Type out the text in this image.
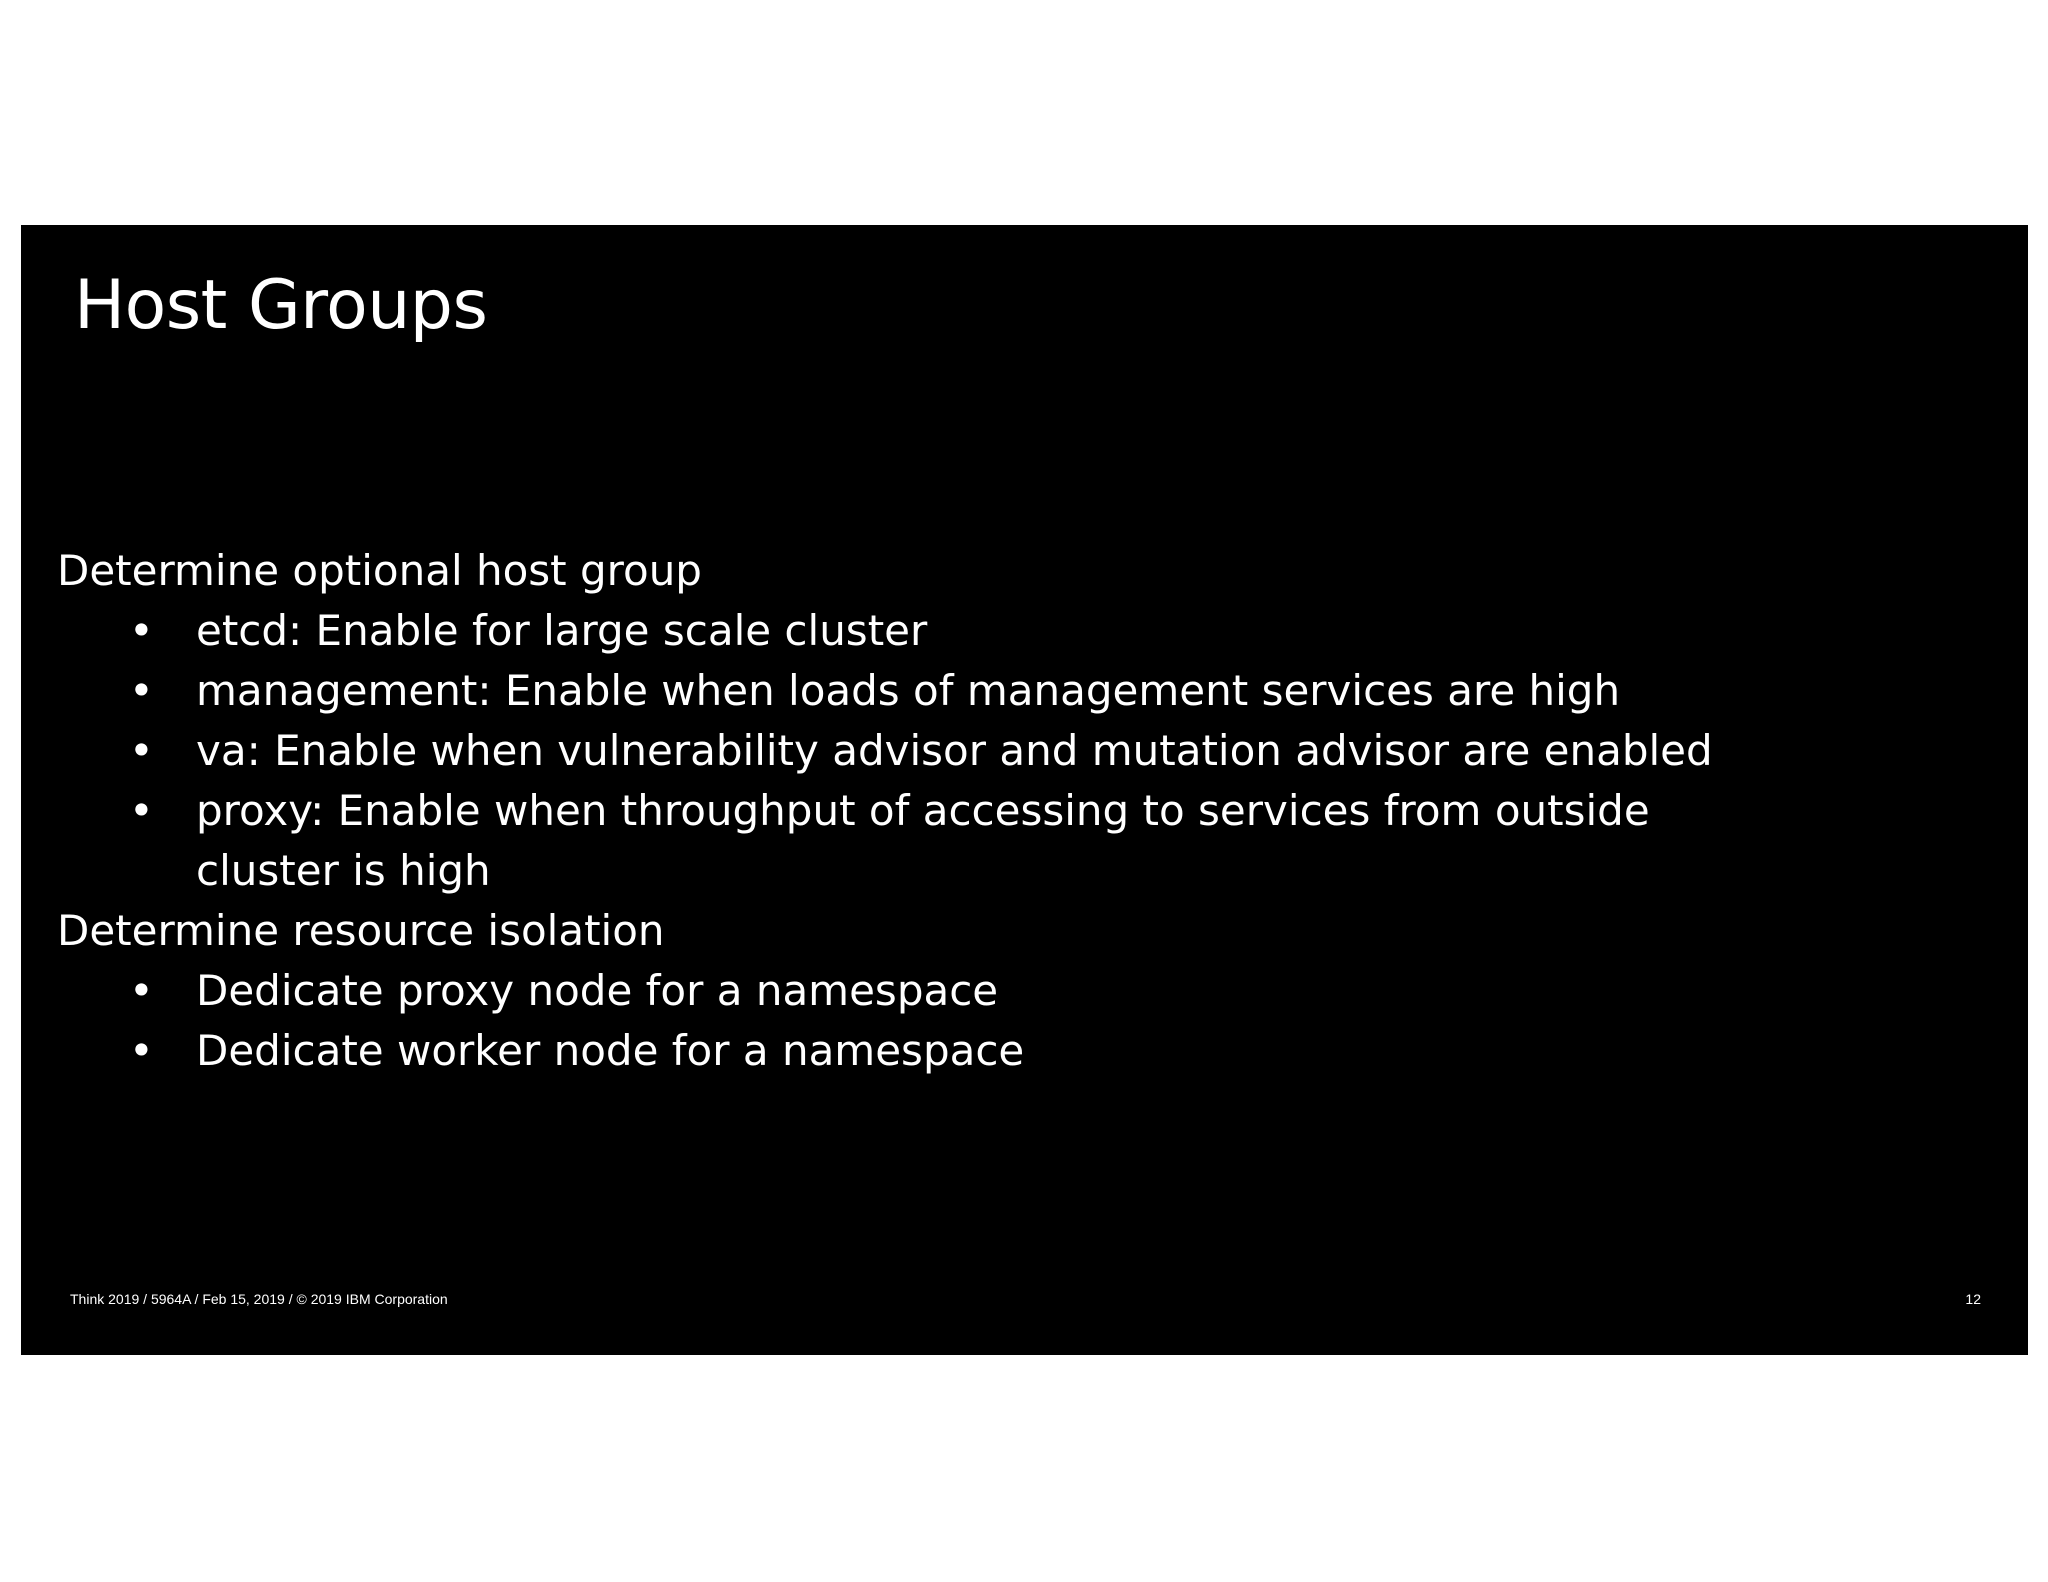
Host Groups
Determine optional host group
• etcd: Enable for large scale cluster
• management: Enable when loads of management services are high
• va: Enable when vulnerability advisor and mutation advisor are enabled
• proxy: Enable when throughput of accessing to services from outside cluster is high
Determine resource isolation
• Dedicate proxy node for a namespace
• Dedicate worker node for a namespace
Think 2019 / 5964A / Feb 15, 2019 / © 2019 IBM Corporation	12
